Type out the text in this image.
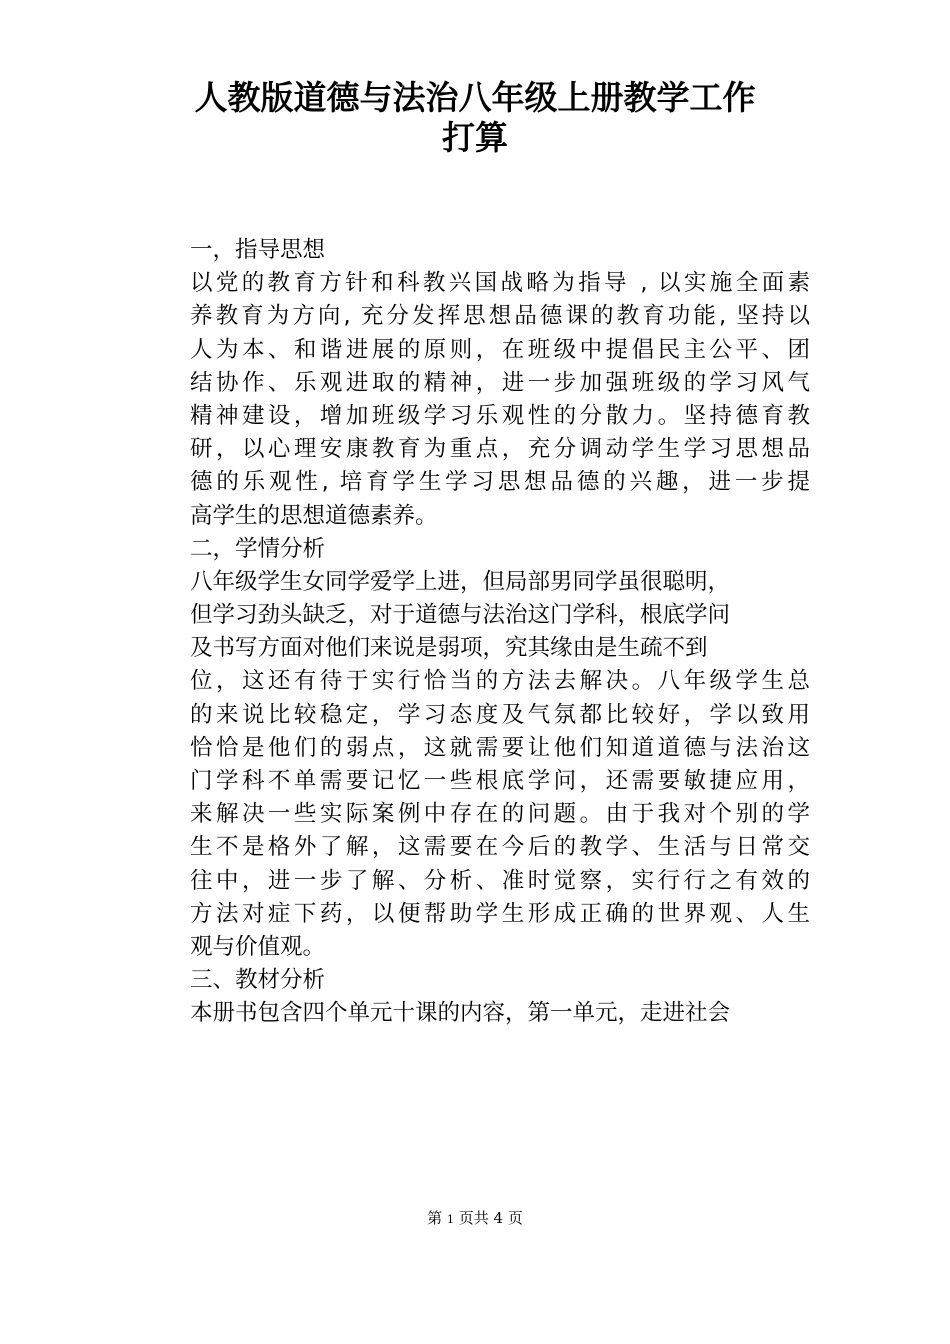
人教版道德与法治八年级上册教学工作
打算
一，指导思想
以党的教育方针和科教兴国战略为指导 , 以实施全面素
养教育为方向, 充分发挥思想品德课的教育功能, 坚持以
人为本、和谐进展的原则，在班级中提倡民主公平、团
结协作、乐观进取的精神，进一步加强班级的学习风气
精神建设，增加班级学习乐观性的分散力。坚持德育教
研，以心理安康教育为重点，充分调动学生学习思想品
德的乐观性, 培育学生学习思想品德的兴趣，进一步提
高学生的思想道德素养。
二，学情分析
八年级学生女同学爱学上进，但局部男同学虽很聪明，
但学习劲头缺乏，对于道德与法治这门学科，根底学问
及书写方面对他们来说是弱项，究其缘由是生疏不到
位，这还有待于实行恰当的方法去解决。八年级学生总
的来说比较稳定，学习态度及气氛都比较好，学以致用
恰恰是他们的弱点，这就需要让他们知道道德与法治这
门学科不单需要记忆一些根底学问，还需要敏捷应用，
来解决一些实际案例中存在的问题。由于我对个别的学
生不是格外了解，这需要在今后的教学、生活与日常交
往中，进一步了解、分析、准时觉察，实行行之有效的
方法对症下药，以便帮助学生形成正确的世界观、人生
观与价值观。
三、教材分析
本册书包含四个单元十课的内容，第一单元，走进社会
第 1 页共 4 页
